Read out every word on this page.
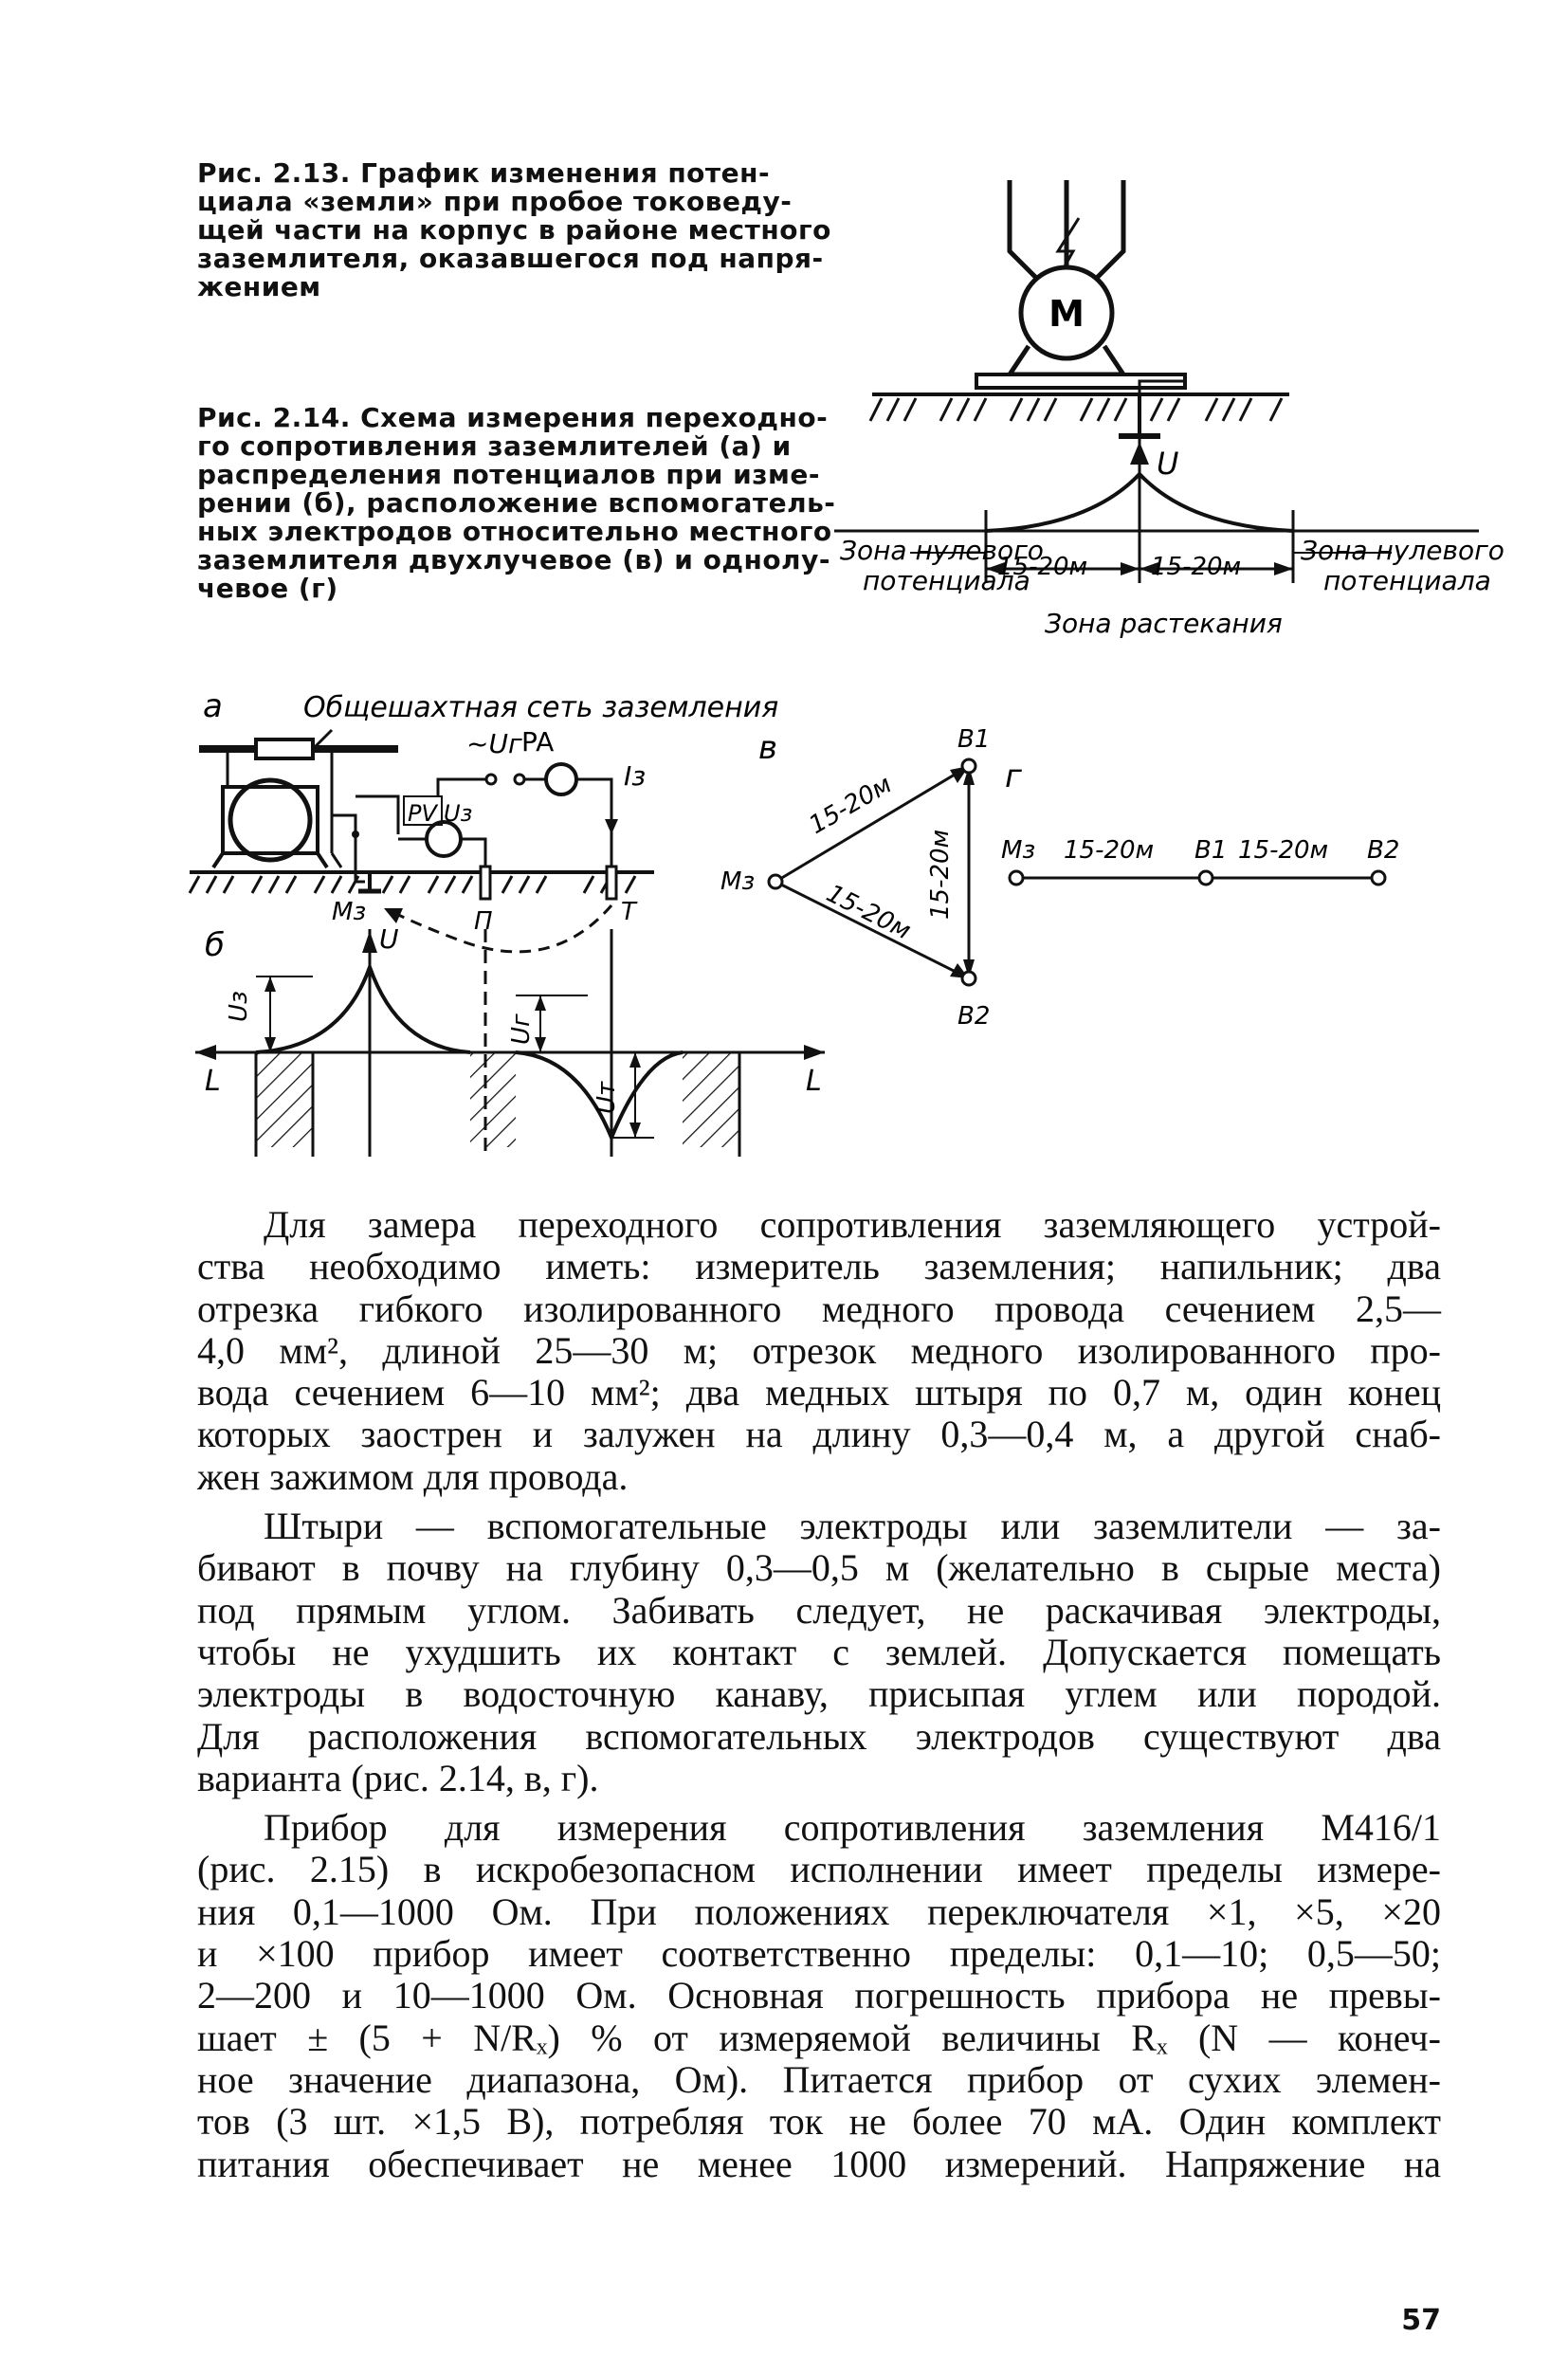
Рис. 2.13. График изменения потен-
циала «земли» при пробое токоведу-
щей части на корпус в районе местного
заземлителя, оказавшегося под напря-
жением
Рис. 2.14. Схема измерения переходно-
го сопротивления заземлителей (а) и
распределения потенциалов при изме-
рении (б), расположение вспомогатель-
ных электродов относительно местного
заземлителя двухлучевое (в) и однолу-
чевое (г)
М
U
Зона нулевого
потенциала
15-20м	15-20м
Зона нулевого
потенциала
Зона растекания
а	Общешахтная сеть заземления
Мз
PV Uз
~Uг PA
Iз
П	Т
б	U
L	L
Uз
Uг
Uт
в
Мз
В1
В2
15-20м
15-20м 15-20м
г
Мз 15-20м В1 15-20м В2

Для замера переходного сопротивления заземляющего устрой-
ства необходимо иметь: измеритель заземления; напильник; два
отрезка гибкого изолированного медного провода сечением 2,5—
4,0 мм², длиной 25—30 м; отрезок медного изолированного про-
вода сечением 6—10 мм²; два медных штыря по 0,7 м, один конец
которых заострен и залужен на длину 0,3—0,4 м, а другой снаб-
жен зажимом для провода.

Штыри — вспомогательные электроды или заземлители — за-
бивают в почву на глубину 0,3—0,5 м (желательно в сырые места)
под прямым углом. Забивать следует, не раскачивая электроды,
чтобы не ухудшить их контакт с землей. Допускается помещать
электроды в водосточную канаву, присыпая углем или породой.
Для расположения вспомогательных электродов существуют два
варианта (рис. 2.14, в, г).

Прибор для измерения сопротивления заземления М416/1
(рис. 2.15) в искробезопасном исполнении имеет пределы измере-
ния 0,1—1000 Ом. При положениях переключателя ×1, ×5, ×20
и ×100 прибор имеет соответственно пределы: 0,1—10; 0,5—50;
2—200 и 10—1000 Ом. Основная погрешность прибора не превы-
шает ± (5 + N/Rₓ) % от измеряемой величины Rₓ (N — конеч-
ное значение диапазона, Ом). Питается прибор от сухих элемен-
тов (3 шт. ×1,5 В), потребляя ток не более 70 мА. Один комплект
питания обеспечивает не менее 1000 измерений. Напряжение на

57
